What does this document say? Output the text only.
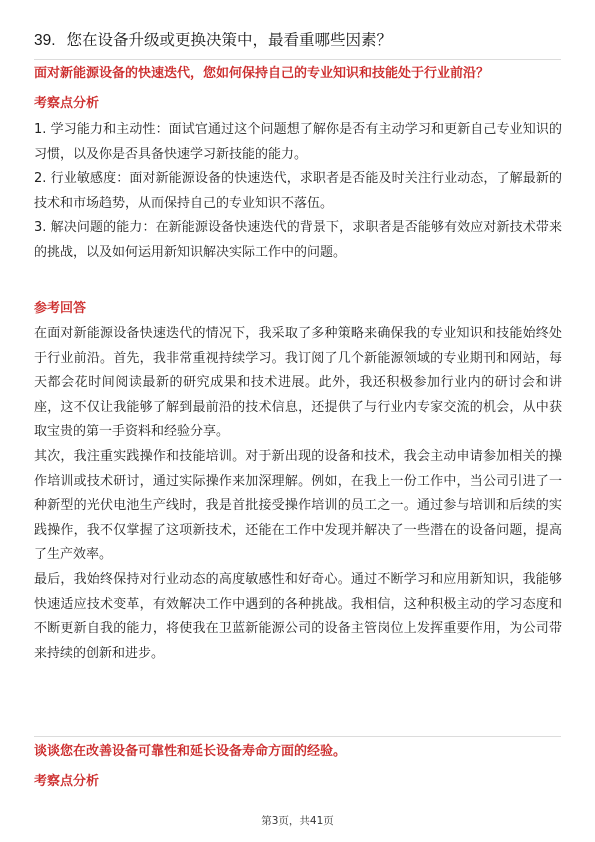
39. 您在设备升级或更换决策中，最看重哪些因素？
面对新能源设备的快速迭代，您如何保持自己的专业知识和技能处于行业前沿？
考察点分析

1. 学习能力和主动性：面试官通过这个问题想了解你是否有主动学习和更新自己专业知识的习惯，以及你是否具备快速学习新技能的能力。

2. 行业敏感度：面对新能源设备的快速迭代，求职者是否能及时关注行业动态，了解最新的技术和市场趋势，从而保持自己的专业知识不落伍。

3. 解决问题的能力：在新能源设备快速迭代的背景下，求职者是否能够有效应对新技术带来的挑战，以及如何运用新知识解决实际工作中的问题。

参考回答

在面对新能源设备快速迭代的情况下，我采取了多种策略来确保我的专业知识和技能始终处于行业前沿。首先，我非常重视持续学习。我订阅了几个新能源领域的专业期刊和网站，每天都会花时间阅读最新的研究成果和技术进展。此外，我还积极参加行业内的研讨会和讲座，这不仅让我能够了解到最前沿的技术信息，还提供了与行业内专家交流的机会，从中获取宝贵的第一手资料和经验分享。

其次，我注重实践操作和技能培训。对于新出现的设备和技术，我会主动申请参加相关的操作培训或技术研讨，通过实际操作来加深理解。例如，在我上一份工作中，当公司引进了一种新型的光伏电池生产线时，我是首批接受操作培训的员工之一。通过参与培训和后续的实践操作，我不仅掌握了这项新技术，还能在工作中发现并解决了一些潜在的设备问题，提高了生产效率。

最后，我始终保持对行业动态的高度敏感性和好奇心。通过不断学习和应用新知识，我能够快速适应技术变革，有效解决工作中遇到的各种挑战。我相信，这种积极主动的学习态度和不断更新自我的能力，将使我在卫蓝新能源公司的设备主管岗位上发挥重要作用，为公司带来持续的创新和进步。

谈谈您在改善设备可靠性和延长设备寿命方面的经验。
考察点分析
第3页，共41页
